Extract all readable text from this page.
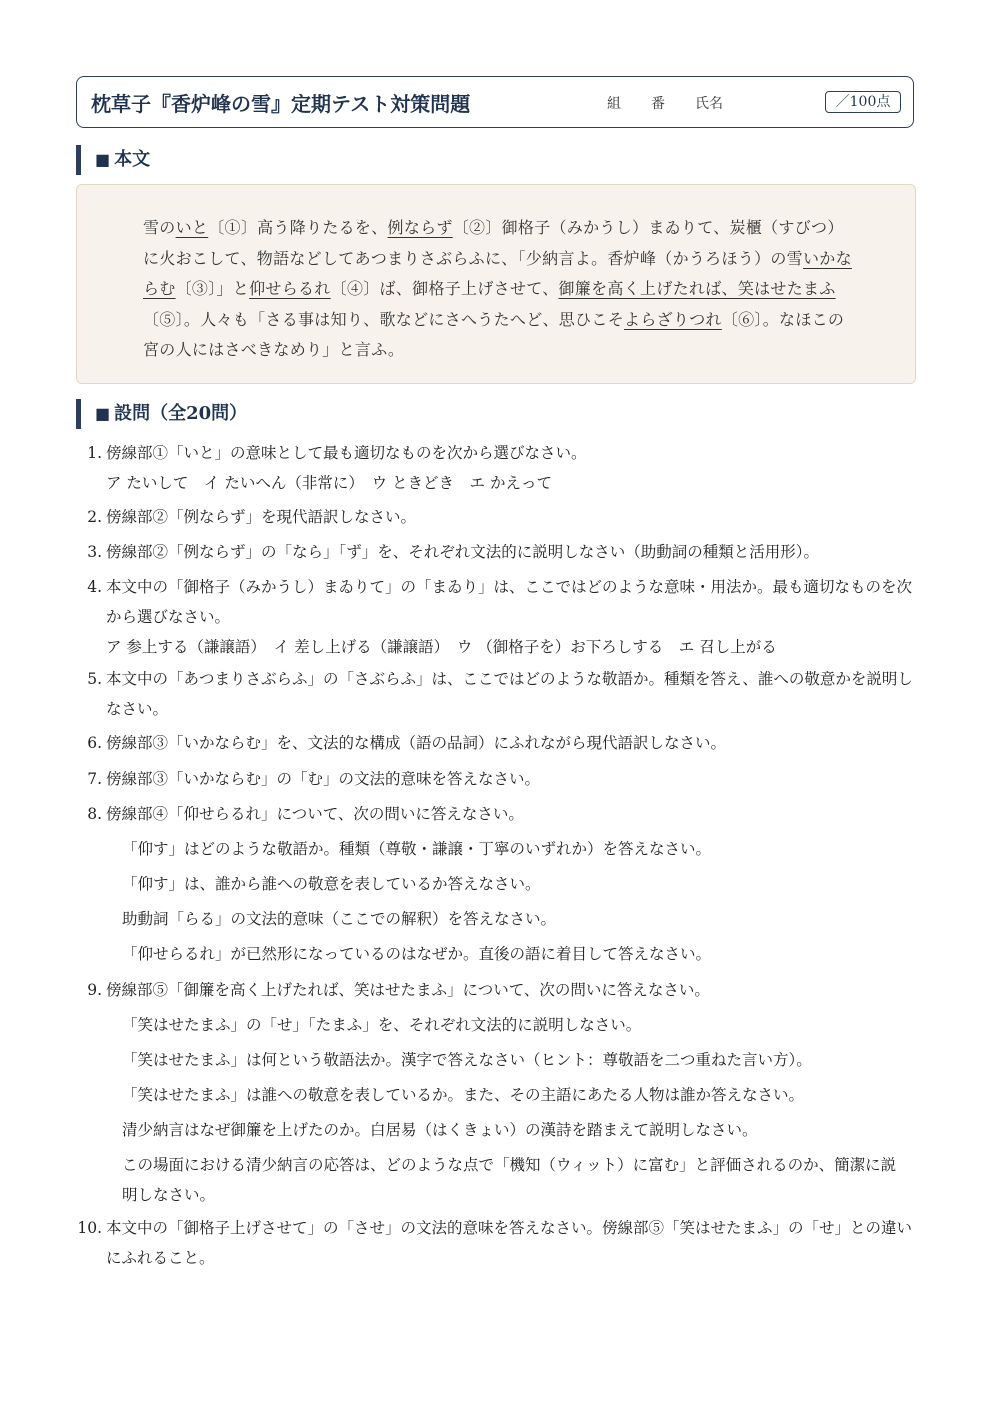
枕草子『香炉峰の雪』定期テスト対策問題	組 番 氏名	／100点
■ 本文

雪のいと〔①〕高う降りたるを、例ならず〔②〕御格子（みかうし）まゐりて、炭櫃（すびつ）に火おこして、物語などしてあつまりさぶらふに、「少納言よ。香炉峰（かうろほう）の雪いかならむ〔③〕」と仰せらるれ〔④〕ば、御格子上げさせて、御簾を高く上げたれば、笑はせたまふ〔⑤〕。人々も「さる事は知り、歌などにさへうたへど、思ひこそよらざりつれ〔⑥〕。なほこの宮の人にはさべきなめり」と言ふ。

■ 設問（全20問）
1. 傍線部①「いと」の意味として最も適切なものを次から選びなさい。
ア たいして　イ たいへん（非常に）　ウ ときどき　エ かえって
2. 傍線部②「例ならず」を現代語訳しなさい。
3. 傍線部②「例ならず」の「なら」「ず」を、それぞれ文法的に説明しなさい（助動詞の種類と活用形）。
4. 本文中の「御格子（みかうし）まゐりて」の「まゐり」は、ここではどのような意味・用法か。最も適切なものを次から選びなさい。
ア 参上する（謙譲語）　イ 差し上げる（謙譲語）　ウ （御格子を）お下ろしする　エ 召し上がる
5. 本文中の「あつまりさぶらふ」の「さぶらふ」は、ここではどのような敬語か。種類を答え、誰への敬意かを説明しなさい。
6. 傍線部③「いかならむ」を、文法的な構成（語の品詞）にふれながら現代語訳しなさい。
7. 傍線部③「いかならむ」の「む」の文法的意味を答えなさい。
8. 傍線部④「仰せらるれ」について、次の問いに答えなさい。
「仰す」はどのような敬語か。種類（尊敬・謙譲・丁寧のいずれか）を答えなさい。
「仰す」は、誰から誰への敬意を表しているか答えなさい。
助動詞「らる」の文法的意味（ここでの解釈）を答えなさい。
「仰せらるれ」が已然形になっているのはなぜか。直後の語に着目して答えなさい。
9. 傍線部⑤「御簾を高く上げたれば、笑はせたまふ」について、次の問いに答えなさい。
「笑はせたまふ」の「せ」「たまふ」を、それぞれ文法的に説明しなさい。
「笑はせたまふ」は何という敬語法か。漢字で答えなさい（ヒント：尊敬語を二つ重ねた言い方）。
「笑はせたまふ」は誰への敬意を表しているか。また、その主語にあたる人物は誰か答えなさい。
清少納言はなぜ御簾を上げたのか。白居易（はくきょい）の漢詩を踏まえて説明しなさい。
この場面における清少納言の応答は、どのような点で「機知（ウィット）に富む」と評価されるのか、簡潔に説明しなさい。
10. 本文中の「御格子上げさせて」の「させ」の文法的意味を答えなさい。傍線部⑤「笑はせたまふ」の「せ」との違いにふれること。
